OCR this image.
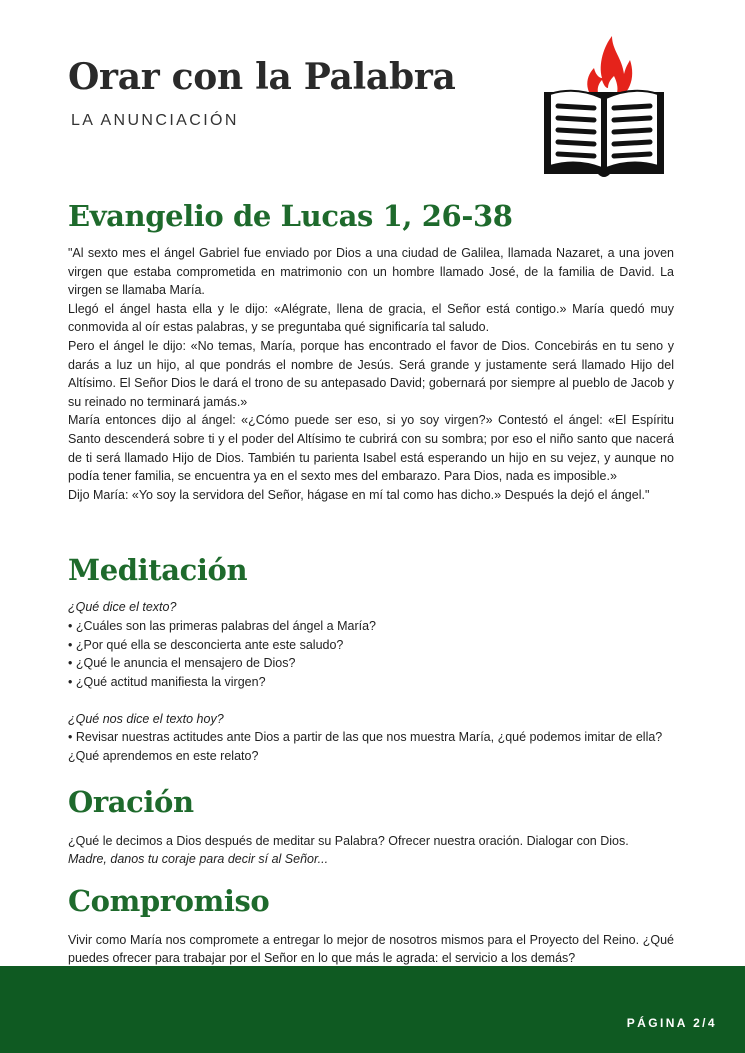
Orar con la Palabra

LA ANUNCIACIÓN

Evangelio de Lucas 1, 26-38

"Al sexto mes el ángel Gabriel fue enviado por Dios a una ciudad de Galilea, llamada Nazaret, a una joven virgen que estaba comprometida en matrimonio con un hombre llamado José, de la familia de David. La virgen se llamaba María.

Llegó el ángel hasta ella y le dijo: «Alégrate, llena de gracia, el Señor está contigo.» María quedó muy conmovida al oír estas palabras, y se preguntaba qué significaría tal saludo.

Pero el ángel le dijo: «No temas, María, porque has encontrado el favor de Dios. Concebirás en tu seno y darás a luz un hijo, al que pondrás el nombre de Jesús. Será grande y justamente será llamado Hijo del Altísimo. El Señor Dios le dará el trono de su antepasado David; gobernará por siempre al pueblo de Jacob y su reinado no terminará jamás.»

María entonces dijo al ángel: «¿Cómo puede ser eso, si yo soy virgen?» Contestó el ángel: «El Espíritu Santo descenderá sobre ti y el poder del Altísimo te cubrirá con su sombra; por eso el niño santo que nacerá de ti será llamado Hijo de Dios. También tu parienta Isabel está esperando un hijo en su vejez, y aunque no podía tener familia, se encuentra ya en el sexto mes del embarazo. Para Dios, nada es imposible.»

Dijo María: «Yo soy la servidora del Señor, hágase en mí tal como has dicho.» Después la dejó el ángel."

Meditación

¿Qué dice el texto?

• ¿Cuáles son las primeras palabras del ángel a María?

• ¿Por qué ella se desconcierta ante este saludo?

• ¿Qué le anuncia el mensajero de Dios?

• ¿Qué actitud manifiesta la virgen?

¿Qué nos dice el texto hoy?

• Revisar nuestras actitudes ante Dios a partir de las que nos muestra María, ¿qué podemos imitar de ella? ¿Qué aprendemos en este relato?

Oración

¿Qué le decimos a Dios después de meditar su Palabra? Ofrecer nuestra oración. Dialogar con Dios.

Madre, danos tu coraje para decir sí al Señor...

Compromiso

Vivir como María nos compromete a entregar lo mejor de nosotros mismos para el Proyecto del Reino. ¿Qué puedes ofrecer para trabajar por el Señor en lo que más le agrada: el servicio a los demás?

PÁGINA 2/4
